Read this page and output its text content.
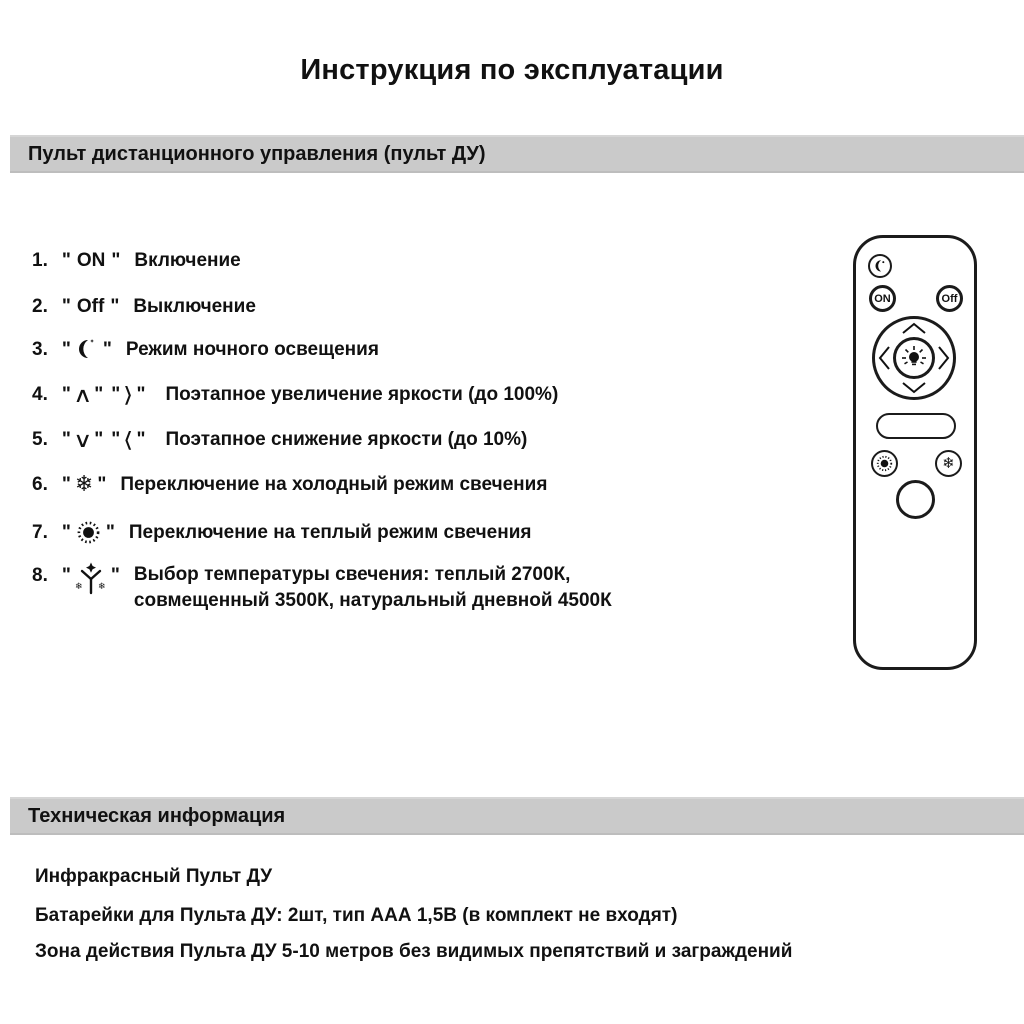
Инструкция по эксплуатации
Пульт дистанционного управления (пульт ДУ)
1. " ON " Включение
2. " Off " Выключение
3. " " Режим ночного освещения
4. " ∧ " " ⟩ " Поэтапное увеличение яркости (до 100%)
5. " ∨ " " ⟨ " Поэтапное снижение яркости (до 10%)
6. " ❄ " Переключение на холодный режим свечения
7. " " Переключение на теплый режим свечения
8. " ❄ ❄ " Выбор температуры свечения: теплый 2700К,
совмещенный 3500К, натуральный дневной 4500К
ON	Off
❄
Техническая информация
Инфракрасный Пульт ДУ
Батарейки для Пульта ДУ: 2шт, тип ААА 1,5В (в комплект не входят)
Зона действия Пульта ДУ 5-10 метров без видимых препятствий и заграждений
